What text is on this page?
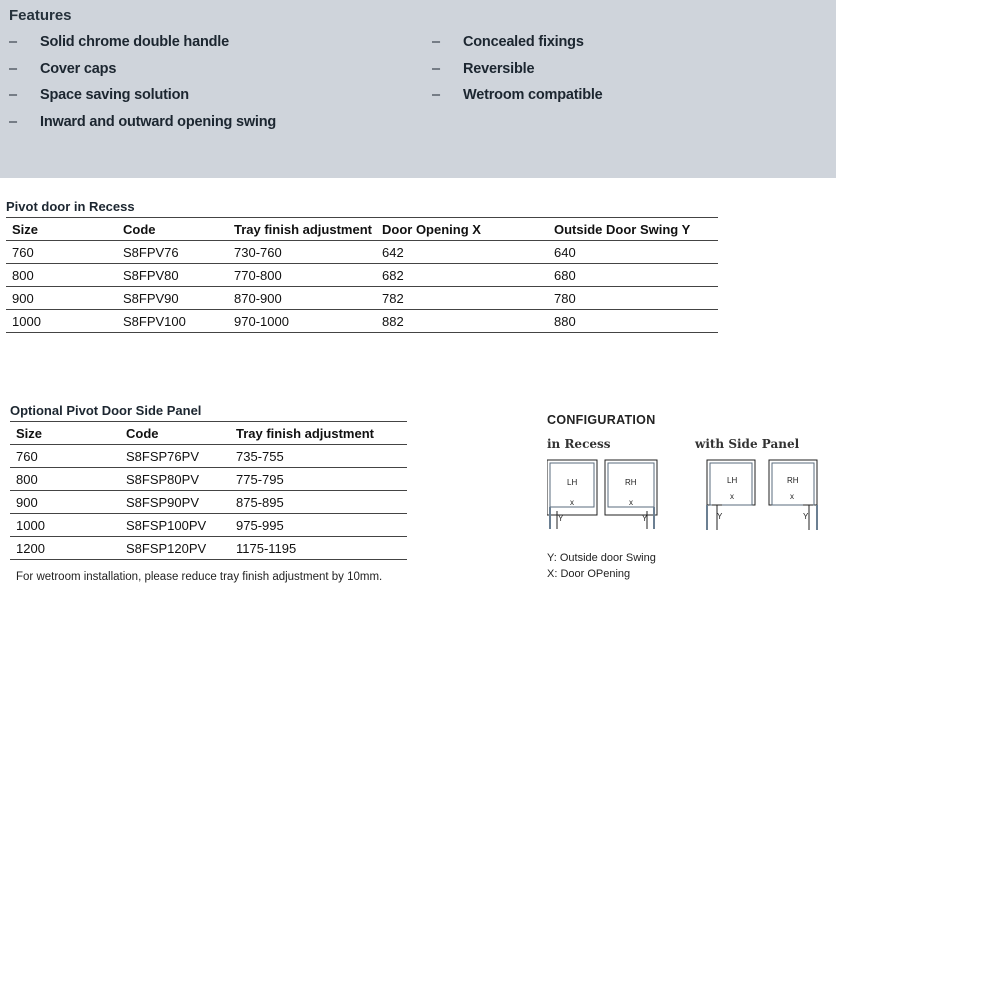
Features
–	Solid chrome double handle
–	Cover caps
–	Space saving solution
–	Inward and outward opening swing
–	Concealed fixings
–	Reversible
–	Wetroom compatible
Pivot door in Recess
Size	Code	Tray finish adjustment	Door Opening X	Outside Door Swing Y
760	S8FPV76	730-760	642	640
800	S8FPV80	770-800	682	680
900	S8FPV90	870-900	782	780
1000	S8FPV100	970-1000	882	880
Optional Pivot Door Side Panel
Size	Code	Tray finish adjustment
760	S8FSP76PV	735-755
800	S8FSP80PV	775-795
900	S8FSP90PV	875-895
1000	S8FSP100PV	975-995
1200	S8FSP120PV	1175-1195
For wetroom installation, please reduce tray finish adjustment by 10mm.
CONFIGURATION
in Recess	with Side Panel
LH
x
Y
RH
x
Y
LH
x
Y
RH
x
Y
Y: Outside door Swing
X: Door OPening
